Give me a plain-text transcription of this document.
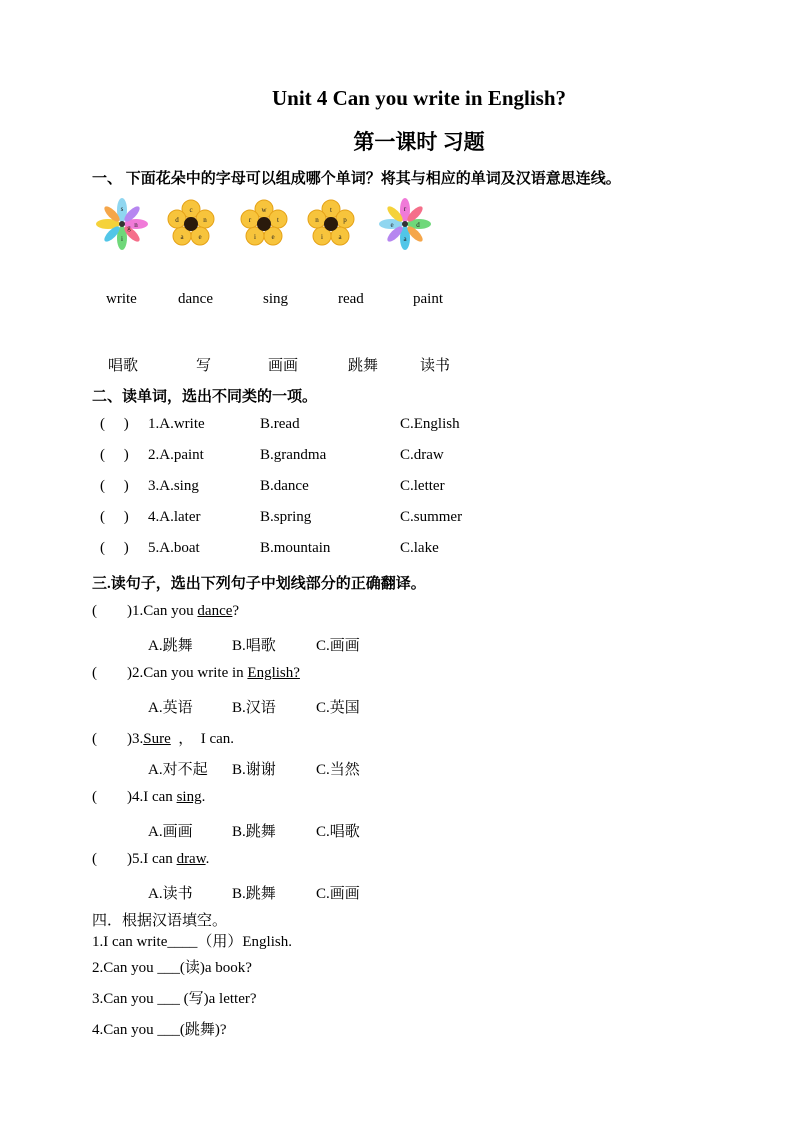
Unit 4 Can you write in English?
第一课时 习题
一、 下面花朵中的字母可以组成哪个单词？将其与相应的单词及汉语意思连线。
s
n
g
i
c
n
e
a
d
w
t
e
i
r
t
p
a
i
n
r
e
a
d
write	dance	sing	read	paint
唱歌	写	画画	跳舞	读书
二、读单词，选出不同类的一项。
(     ) 1.A.write	B.read	C.English
(     ) 2.A.paint	B.grandma	C.draw
(     ) 3.A.sing	B.dance	C.letter
(     ) 4.A.later	B.spring	C.summer
(     ) 5.A.boat	B.mountain	C.lake
三.读句子，选出下列句子中划线部分的正确翻译。
(        )1.Can you dance?
A.跳舞	B.唱歌	C.画画
(        )2.Can you write in English?
A.英语	B.汉语	C.英国
(        )3.Sure  ，  I can.
A.对不起 B.谢谢	C.当然
(        )4.I can sing.
A.画画	B.跳舞	C.唱歌
(        )5.I can draw.
A.读书	B.跳舞	C.画画
四．根据汉语填空。
1.I can write____（用）English.
2.Can you ___(读)a book?
3.Can you ___ (写)a letter?
4.Can you ___(跳舞)?
